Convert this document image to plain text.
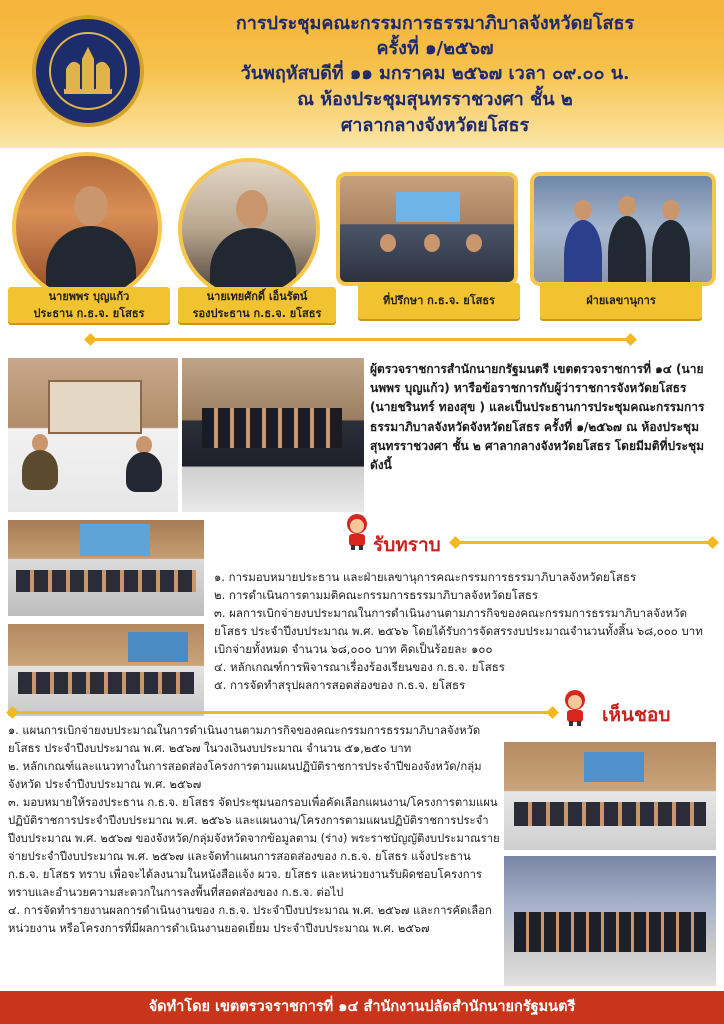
การประชุมคณะกรรมการธรรมาภิบาลจังหวัดยโสธร
ครั้งที่ ๑/๒๕๖๗
วันพฤหัสบดีที่ ๑๑ มกราคม ๒๕๖๗ เวลา ๐๙.๐๐ น.
ณ ห้องประชุมสุนทรราชวงศา ชั้น ๒
ศาลากลางจังหวัดยโสธร
นายพพร บุญแก้ว
ประธาน ก.ธ.จ. ยโสธร
นายเทยศักดิ์ เอ็นรัตน์
รองประธาน ก.ธ.จ. ยโสธร
ที่ปรึกษา ก.ธ.จ. ยโสธร	ฝ่ายเลขานุการ
ผู้ตรวจราชการสำนักนายกรัฐมนตรี เขตตรวจราชการที่ ๑๔ (นายนพพร บุญแก้ว) หารือข้อราชการกับผู้ว่าราชการจังหวัดยโสธร (นายชรินทร์ ทองสุข ) และเป็นประธานการประชุมคณะกรรมการธรรมาภิบาลจังหวัดจังหวัดยโสธร ครั้งที่ ๑/๒๕๖๗ ณ ห้องประชุมสุนทรราชวงศา ชั้น ๒ ศาลากลางจังหวัดยโสธร โดยมีมติที่ประชุม ดังนี้
รับทราบ
๑. การมอบหมายประธาน และฝ่ายเลขานุการคณะกรรมการธรรมาภิบาลจังหวัดยโสธร
๒. การดำเนินการตามมติคณะกรรมการธรรมาภิบาลจังหวัดยโสธร
๓. ผลการเบิกจ่ายงบประมาณในการดำเนินงานตามภารกิจของคณะกรรมการธรรมาภิบาลจังหวัดยโสธร ประจำปีงบประมาณ พ.ศ. ๒๕๖๖ โดยได้รับการจัดสรรงบประมาณจำนวนทั้งสิ้น ๖๘,๐๐๐ บาท เบิกจ่ายทั้งหมด จำนวน ๖๘,๐๐๐ บาท คิดเป็นร้อยละ ๑๐๐
๔. หลักเกณฑ์การพิจารณาเรื่องร้องเรียนของ ก.ธ.จ. ยโสธร
๕. การจัดทำสรุปผลการสอดส่องของ ก.ธ.จ. ยโสธร
เห็นชอบ
๑. แผนการเบิกจ่ายงบประมาณในการดำเนินงานตามภารกิจของคณะกรรมการธรรมาภิบาลจังหวัดยโสธร ประจำปีงบประมาณ พ.ศ. ๒๕๖๗ ในวงเงินงบประมาณ จำนวน ๕๑,๒๕๐ บาท
๒. หลักเกณฑ์และแนวทางในการสอดส่องโครงการตามแผนปฏิบัติราชการประจำปีของจังหวัด/กลุ่มจังหวัด ประจำปีงบประมาณ พ.ศ. ๒๕๖๗
๓. มอบหมายให้รองประธาน ก.ธ.จ. ยโสธร จัดประชุมนอกรอบเพื่อคัดเลือกแผนงาน/โครงการตามแผนปฏิบัติราชการประจำปีงบประมาณ พ.ศ. ๒๕๖๖ และแผนงาน/โครงการตามแผนปฏิบัติราชการประจำปีงบประมาณ พ.ศ. ๒๕๖๗ ของจังหวัด/กลุ่มจังหวัดจากข้อมูลตาม (ร่าง) พระราชบัญญัติงบประมาณรายจ่ายประจำปีงบประมาณ พ.ศ. ๒๕๖๗ และจัดทำแผนการสอดส่องของ ก.ธ.จ. ยโสธร แจ้งประธาน ก.ธ.จ. ยโสธร ทราบ เพื่อจะได้ลงนามในหนังสือแจ้ง ผวจ. ยโสธร และหน่วยงานรับผิดชอบโครงการทราบและอำนวยความสะดวกในการลงพื้นที่สอดส่องของ ก.ธ.จ. ต่อไป
๔. การจัดทำรายงานผลการดำเนินงานของ ก.ธ.จ. ประจำปีงบประมาณ พ.ศ. ๒๕๖๗ และการคัดเลือกหน่วยงาน หรือโครงการที่มีผลการดำเนินงานยอดเยี่ยม ประจำปีงบประมาณ พ.ศ. ๒๕๖๗
จัดทำโดย เขตตรวจราชการที่ ๑๔ สำนักงานปลัดสำนักนายกรัฐมนตรี
